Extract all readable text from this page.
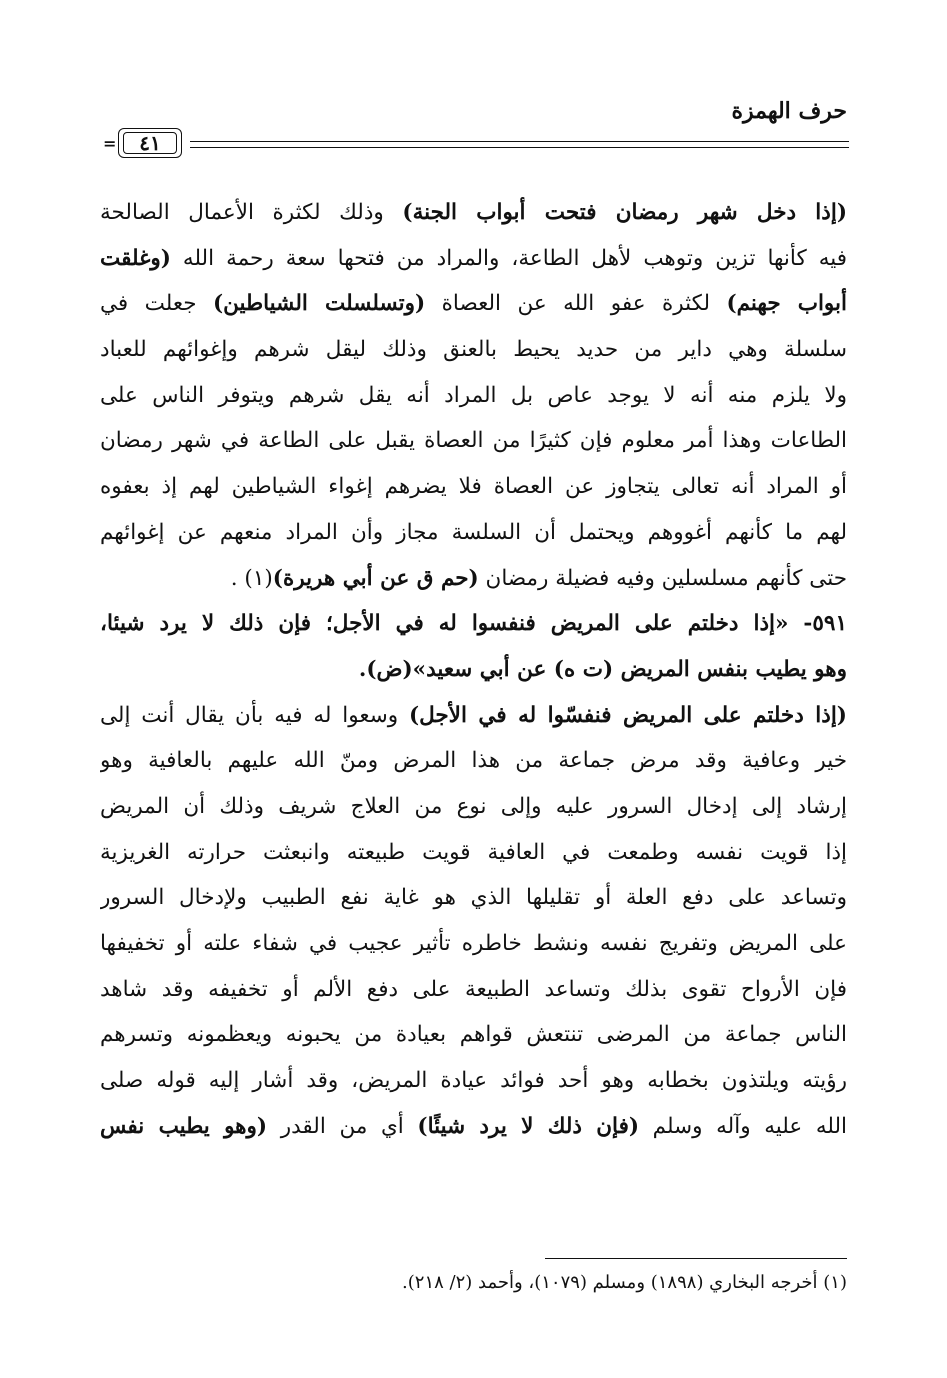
حرف الهمزة
٤١
=
(إذا دخل شهر رمضان فتحت أبواب الجنة) وذلك لكثرة الأعمال الصالحة
فيه كأنها تزين وتوهب لأهل الطاعة، والمراد من فتحها سعة رحمة الله (وغلقت
أبواب جهنم) لكثرة عفو الله عن العصاة (وتسلسلت الشياطين) جعلت في
سلسلة وهي داير من حديد يحيط بالعنق وذلك ليقل شرهم وإغوائهم للعباد
ولا يلزم منه أنه لا يوجد عاص بل المراد أنه يقل شرهم ويتوفر الناس على
الطاعات وهذا أمر معلوم فإن كثيرًا من العصاة يقبل على الطاعة في شهر رمضان
أو المراد أنه تعالى يتجاوز عن العصاة فلا يضرهم إغواء الشياطين لهم إذ بعفوه
لهم ما كأنهم أغووهم ويحتمل أن السلسة مجاز وأن المراد منعهم عن إغوائهم
حتى كأنهم مسلسلين وفيه فضيلة رمضان (حم ق عن أبي هريرة)(١) .
٥٩١- «إذا دخلتم على المريض فنفسوا له في الأجل؛ فإن ذلك لا يرد شيئا،
وهو يطيب بنفس المريض (ت ه) عن أبي سعيد»(ض).
(إذا دخلتم على المريض فنفسّوا له في الأجل) وسعوا له فيه بأن يقال أنت إلى
خير وعافية وقد مرض جماعة من هذا المرض ومنّ الله عليهم بالعافية وهو
إرشاد إلى إدخال السرور عليه وإلى نوع من العلاج شريف وذلك أن المريض
إذا قويت نفسه وطمعت في العافية قويت طبيعته وانبعثت حرارته الغريزية
وتساعد على دفع العلة أو تقليلها الذي هو غاية نفع الطبيب ولإدخال السرور
على المريض وتفريج نفسه ونشط خاطره تأثير عجيب في شفاء علته أو تخفيفها
فإن الأرواح تقوى بذلك وتساعد الطبيعة على دفع الألم أو تخفيفه وقد شاهد
الناس جماعة من المرضى تنتعش قواهم بعيادة من يحبونه ويعظمونه وتسرهم
رؤيته ويلتذون بخطابه وهو أحد فوائد عيادة المريض، وقد أشار إليه قوله صلى
الله عليه وآله وسلم (فإن ذلك لا يرد شيئًا) أي من القدر (وهو يطيب نفس
(١) أخرجه البخاري (١٨٩٨) ومسلم (١٠٧٩)، وأحمد (٢/ ٢١٨).
